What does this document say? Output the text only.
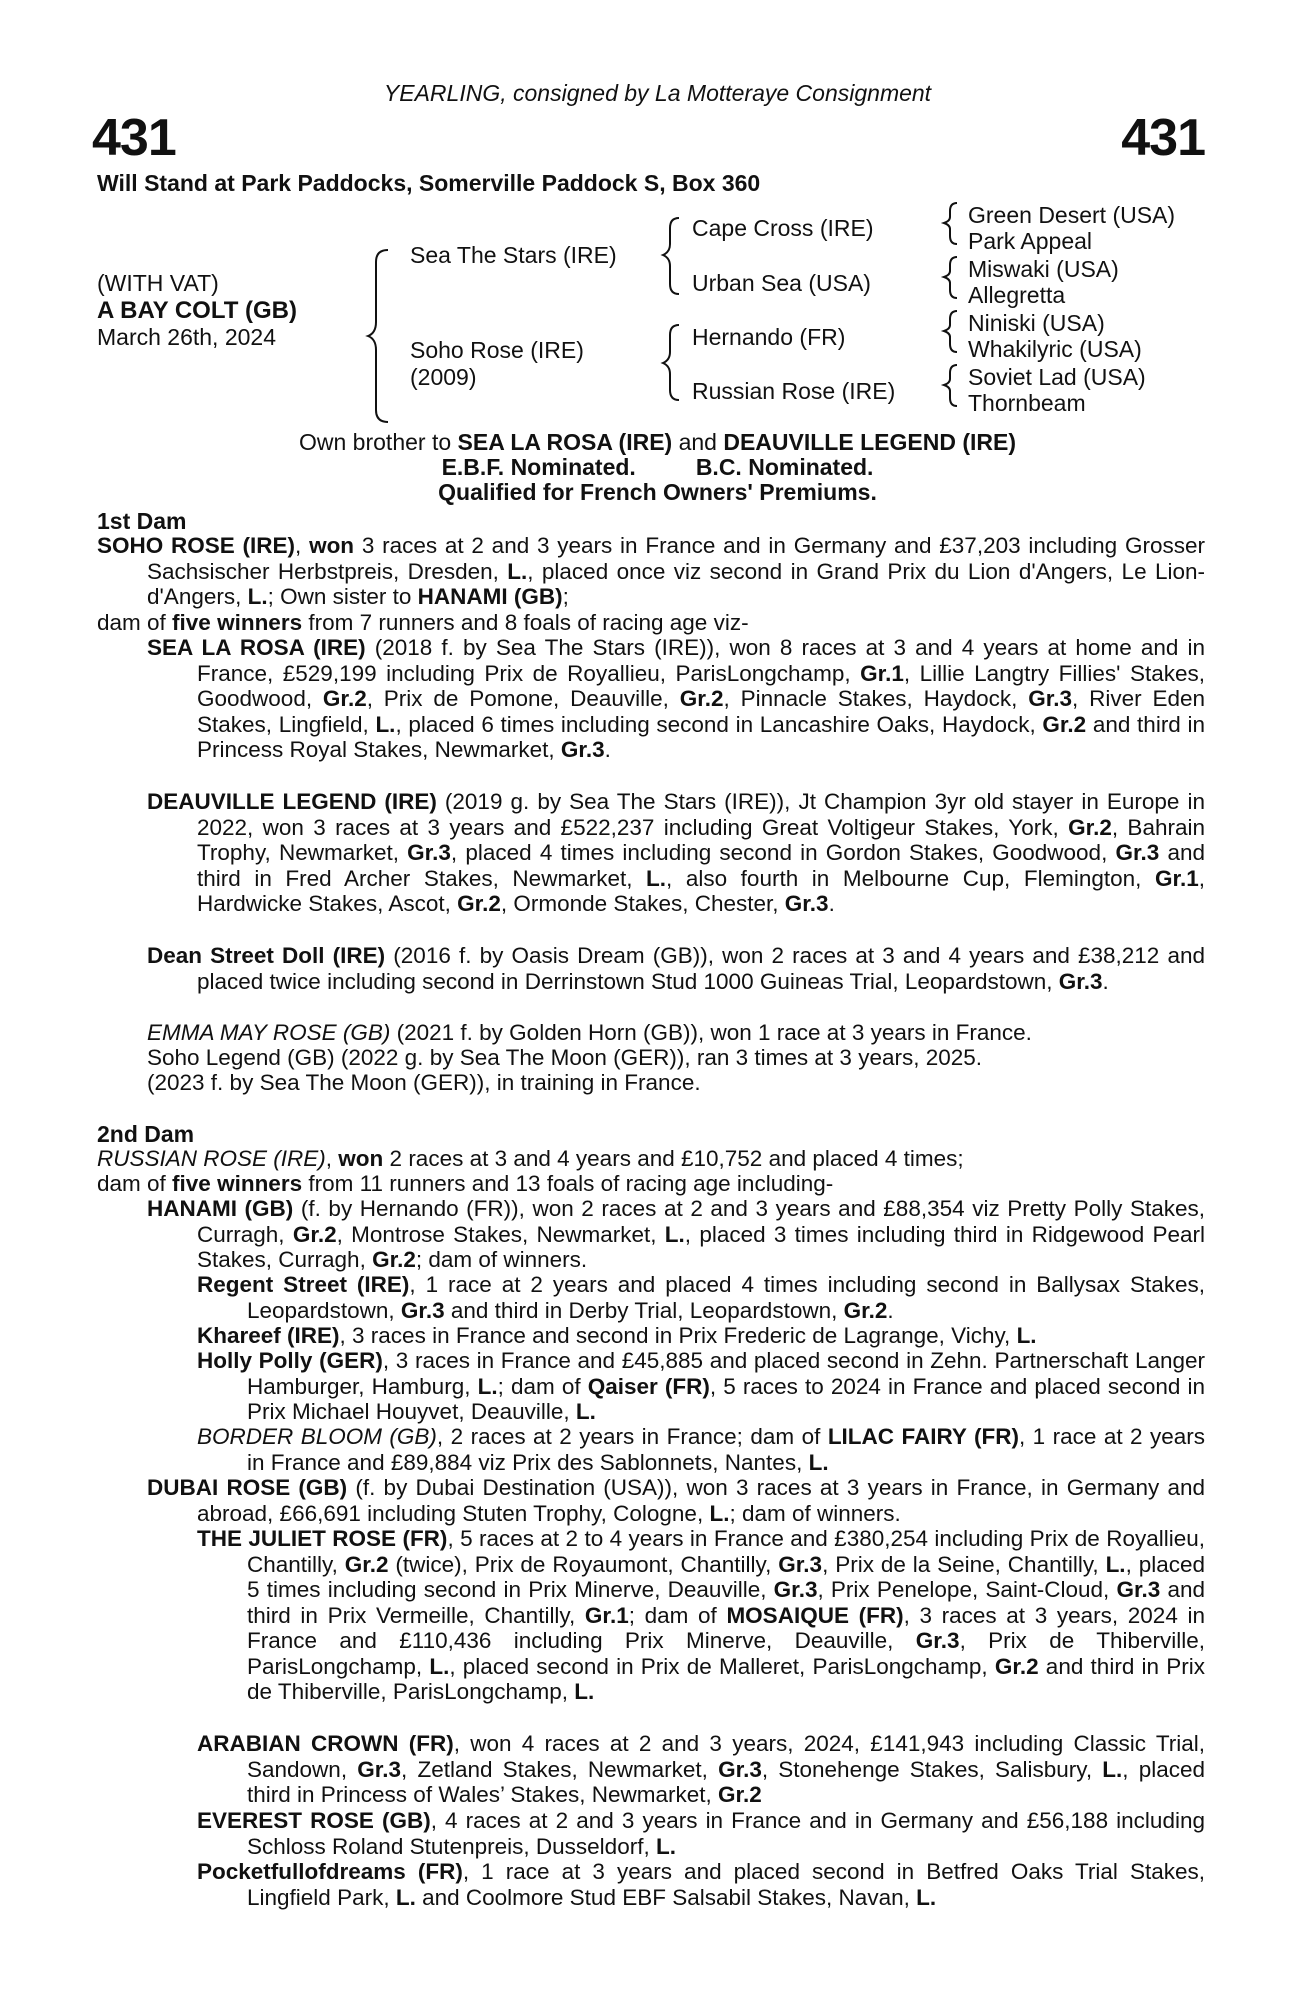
431
YEARLING, consigned by La Motteraye Consignment
431
Will Stand at Park Paddocks, Somerville Paddock S, Box 360
(WITH VAT)
A BAY COLT (GB)
March 26th, 2024
Sea The Stars (IRE)
Soho Rose (IRE)
(2009)
Cape Cross (IRE)
Urban Sea (USA)
Hernando (FR)
Russian Rose (IRE)
Green Desert (USA)
Park Appeal
Miswaki (USA)
Allegretta
Niniski (USA)
Whakilyric (USA)
Soviet Lad (USA)
Thornbeam
Own brother to SEA LA ROSA (IRE) and DEAUVILLE LEGEND (IRE)
E.B.F. Nominated.	B.C. Nominated.
Qualified for French Owners' Premiums.
1st Dam
SOHO ROSE (IRE), won 3 races at 2 and 3 years in France and in Germany and £37,203 including Grosser Sachsischer Herbstpreis, Dresden, L., placed once viz second in Grand Prix du Lion d'Angers, Le Lion-d'Angers, L.; Own sister to HANAMI (GB);
dam of five winners from 7 runners and 8 foals of racing age viz-
SEA LA ROSA (IRE) (2018 f. by Sea The Stars (IRE)), won 8 races at 3 and 4 years at home and in France, £529,199 including Prix de Royallieu, ParisLongchamp, Gr.1, Lillie Langtry Fillies' Stakes, Goodwood, Gr.2, Prix de Pomone, Deauville, Gr.2, Pinnacle Stakes, Haydock, Gr.3, River Eden Stakes, Lingfield, L., placed 6 times including second in Lancashire Oaks, Haydock, Gr.2 and third in Princess Royal Stakes, Newmarket, Gr.3.
DEAUVILLE LEGEND (IRE) (2019 g. by Sea The Stars (IRE)), Jt Champion 3yr old stayer in Europe in 2022, won 3 races at 3 years and £522,237 including Great Voltigeur Stakes, York, Gr.2, Bahrain Trophy, Newmarket, Gr.3, placed 4 times including second in Gordon Stakes, Goodwood, Gr.3 and third in Fred Archer Stakes, Newmarket, L., also fourth in Melbourne Cup, Flemington, Gr.1, Hardwicke Stakes, Ascot, Gr.2, Ormonde Stakes, Chester, Gr.3.
Dean Street Doll (IRE) (2016 f. by Oasis Dream (GB)), won 2 races at 3 and 4 years and £38,212 and placed twice including second in Derrinstown Stud 1000 Guineas Trial, Leopardstown, Gr.3.
EMMA MAY ROSE (GB) (2021 f. by Golden Horn (GB)), won 1 race at 3 years in France.
Soho Legend (GB) (2022 g. by Sea The Moon (GER)), ran 3 times at 3 years, 2025.
(2023 f. by Sea The Moon (GER)), in training in France.
2nd Dam
RUSSIAN ROSE (IRE), won 2 races at 3 and 4 years and £10,752 and placed 4 times;
dam of five winners from 11 runners and 13 foals of racing age including-
HANAMI (GB) (f. by Hernando (FR)), won 2 races at 2 and 3 years and £88,354 viz Pretty Polly Stakes, Curragh, Gr.2, Montrose Stakes, Newmarket, L., placed 3 times including third in Ridgewood Pearl Stakes, Curragh, Gr.2; dam of winners.
Regent Street (IRE), 1 race at 2 years and placed 4 times including second in Ballysax Stakes, Leopardstown, Gr.3 and third in Derby Trial, Leopardstown, Gr.2.
Khareef (IRE), 3 races in France and second in Prix Frederic de Lagrange, Vichy, L.
Holly Polly (GER), 3 races in France and £45,885 and placed second in Zehn. Partnerschaft Langer Hamburger, Hamburg, L.; dam of Qaiser (FR), 5 races to 2024 in France and placed second in Prix Michael Houyvet, Deauville, L.
BORDER BLOOM (GB), 2 races at 2 years in France; dam of LILAC FAIRY (FR), 1 race at 2 years in France and £89,884 viz Prix des Sablonnets, Nantes, L.
DUBAI ROSE (GB) (f. by Dubai Destination (USA)), won 3 races at 3 years in France, in Germany and abroad, £66,691 including Stuten Trophy, Cologne, L.; dam of winners.
THE JULIET ROSE (FR), 5 races at 2 to 4 years in France and £380,254 including Prix de Royallieu, Chantilly, Gr.2 (twice), Prix de Royaumont, Chantilly, Gr.3, Prix de la Seine, Chantilly, L., placed 5 times including second in Prix Minerve, Deauville, Gr.3, Prix Penelope, Saint-Cloud, Gr.3 and third in Prix Vermeille, Chantilly, Gr.1; dam of MOSAIQUE (FR), 3 races at 3 years, 2024 in France and £110,436 including Prix Minerve, Deauville, Gr.3, Prix de Thiberville, ParisLongchamp, L., placed second in Prix de Malleret, ParisLongchamp, Gr.2 and third in Prix de Thiberville, ParisLongchamp, L.
ARABIAN CROWN (FR), won 4 races at 2 and 3 years, 2024, £141,943 including Classic Trial, Sandown, Gr.3, Zetland Stakes, Newmarket, Gr.3, Stonehenge Stakes, Salisbury, L., placed third in Princess of Wales’ Stakes, Newmarket, Gr.2
EVEREST ROSE (GB), 4 races at 2 and 3 years in France and in Germany and £56,188 including Schloss Roland Stutenpreis, Dusseldorf, L.
Pocketfullofdreams (FR), 1 race at 3 years and placed second in Betfred Oaks Trial Stakes, Lingfield Park, L. and Coolmore Stud EBF Salsabil Stakes, Navan, L.
